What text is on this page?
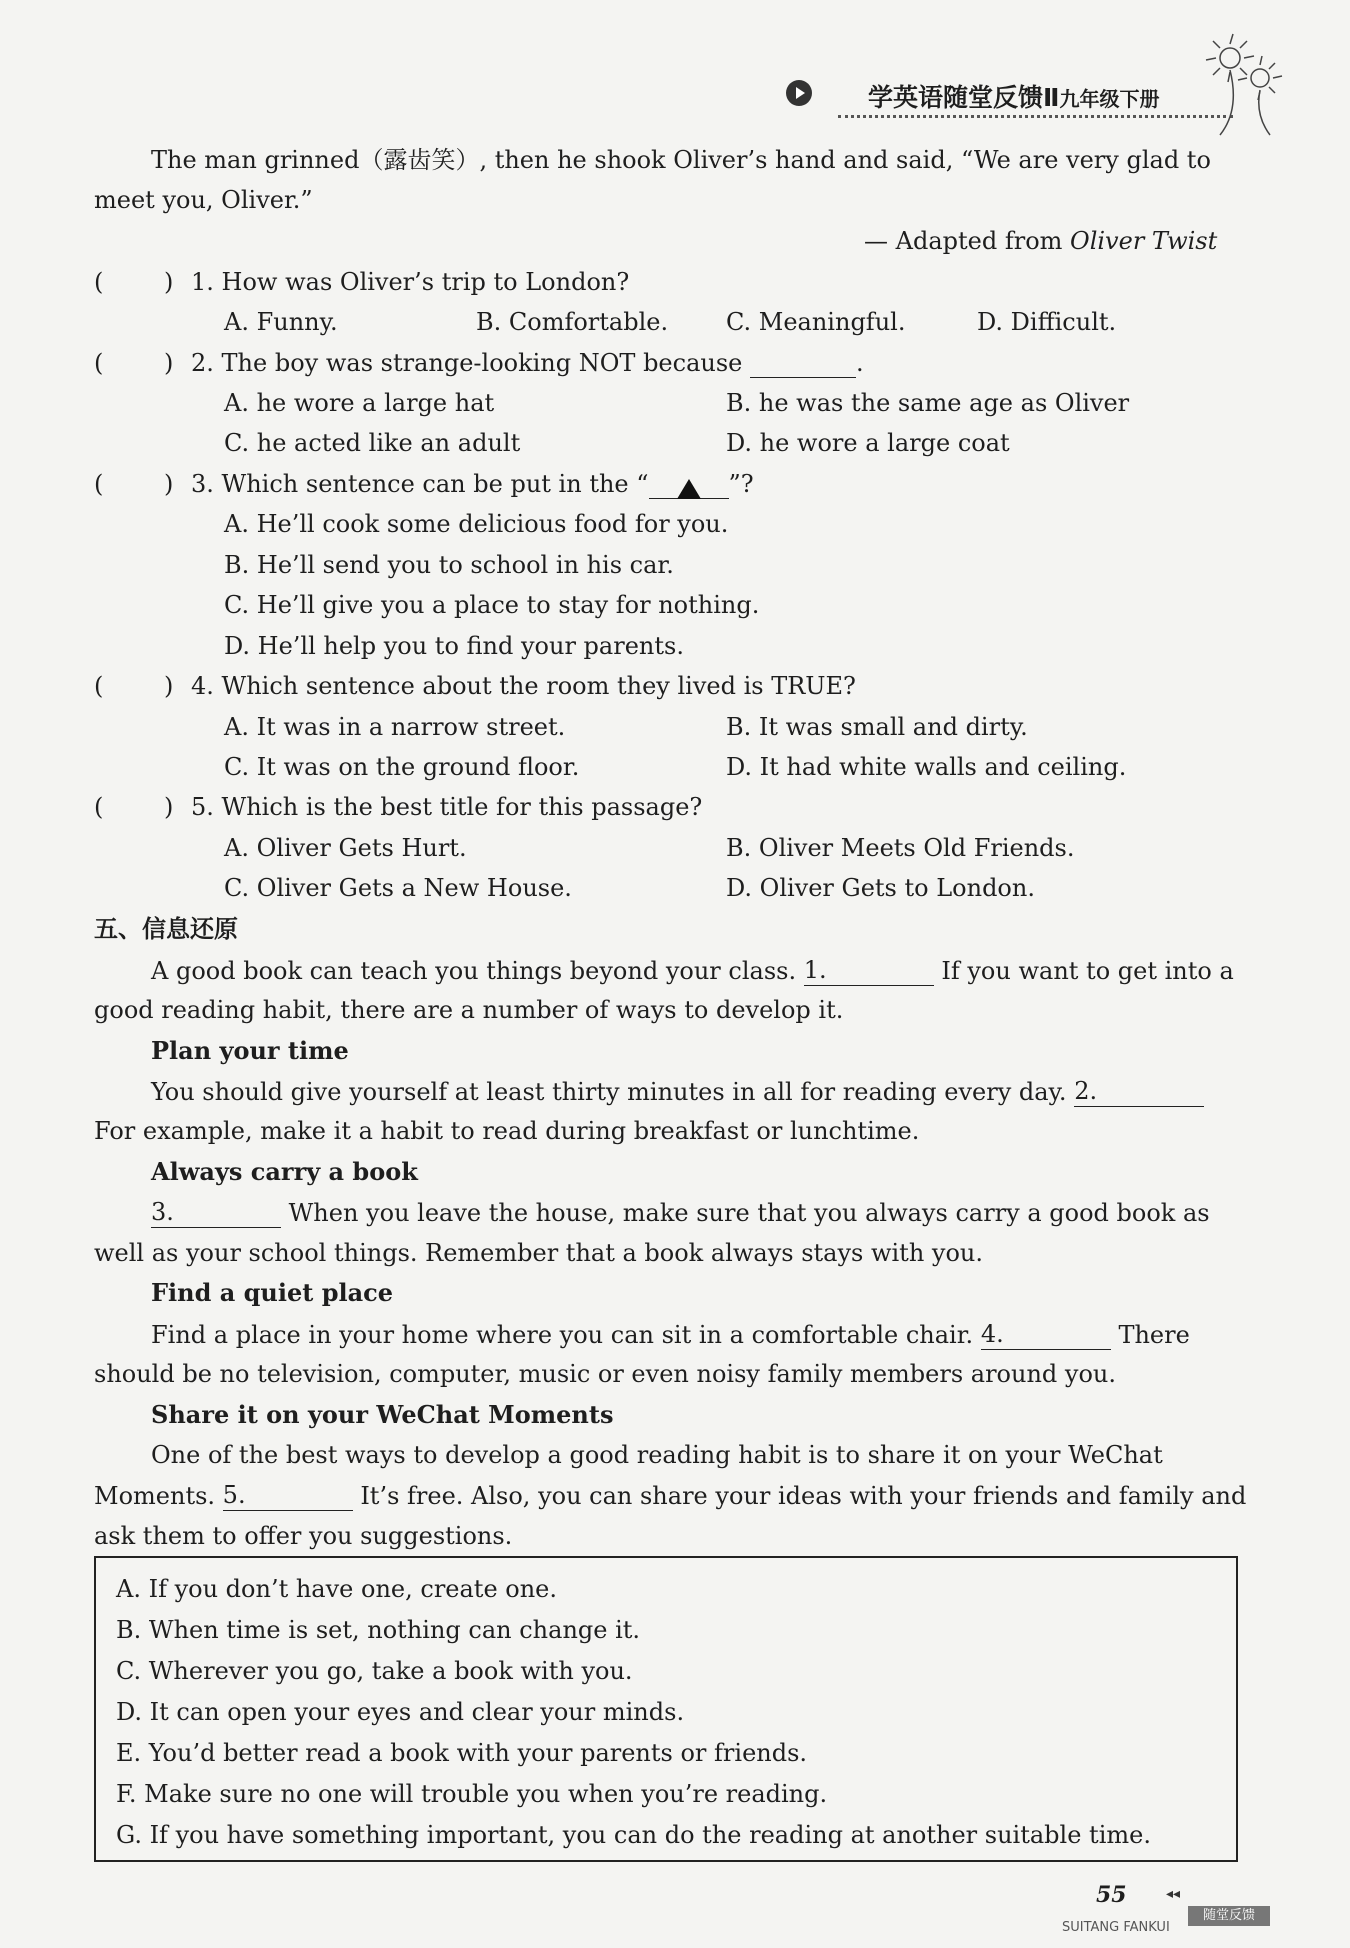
学英语随堂反馈Ⅱ九年级下册
The man grinned（露齿笑）, then he shook Oliver’s hand and said, “We are very glad to
meet you, Oliver.”
— Adapted from Oliver Twist
(	) 1. How was Oliver’s trip to London?
A. Funny.	B. Comfortable. C. Meaningful.	D. Difficult.
(	) 2. The boy was strange-looking NOT because	.
A. he wore a large hat	B. he was the same age as Oliver
C. he acted like an adult	D. he wore a large coat
(	) 3. Which sentence can be put in the “	”?
A. He’ll cook some delicious food for you.
B. He’ll send you to school in his car.
C. He’ll give you a place to stay for nothing.
D. He’ll help you to find your parents.
(	) 4. Which sentence about the room they lived is TRUE?
A. It was in a narrow street.	B. It was small and dirty.
C. It was on the ground floor.	D. It had white walls and ceiling.
(	) 5. Which is the best title for this passage?
A. Oliver Gets Hurt.	B. Oliver Meets Old Friends.
C. Oliver Gets a New House.	D. Oliver Gets to London.
五、信息还原
A good book can teach you things beyond your class. 1.	If you want to get into a
good reading habit, there are a number of ways to develop it.
Plan your time
You should give yourself at least thirty minutes in all for reading every day. 2.
For example, make it a habit to read during breakfast or lunchtime.
Always carry a book
3.	When you leave the house, make sure that you always carry a good book as
well as your school things. Remember that a book always stays with you.
Find a quiet place
Find a place in your home where you can sit in a comfortable chair. 4.	There
should be no television, computer, music or even noisy family members around you.
Share it on your WeChat Moments
One of the best ways to develop a good reading habit is to share it on your WeChat
Moments. 5.	It’s free. Also, you can share your ideas with your friends and family and
ask them to offer you suggestions.
A. If you don’t have one, create one.
B. When time is set, nothing can change it.
C. Wherever you go, take a book with you.
D. It can open your eyes and clear your minds.
E. You’d better read a book with your parents or friends.
F. Make sure no one will trouble you when you’re reading.
G. If you have something important, you can do the reading at another suitable time.
55	◂◂
随堂反馈
SUITANG FANKUI
